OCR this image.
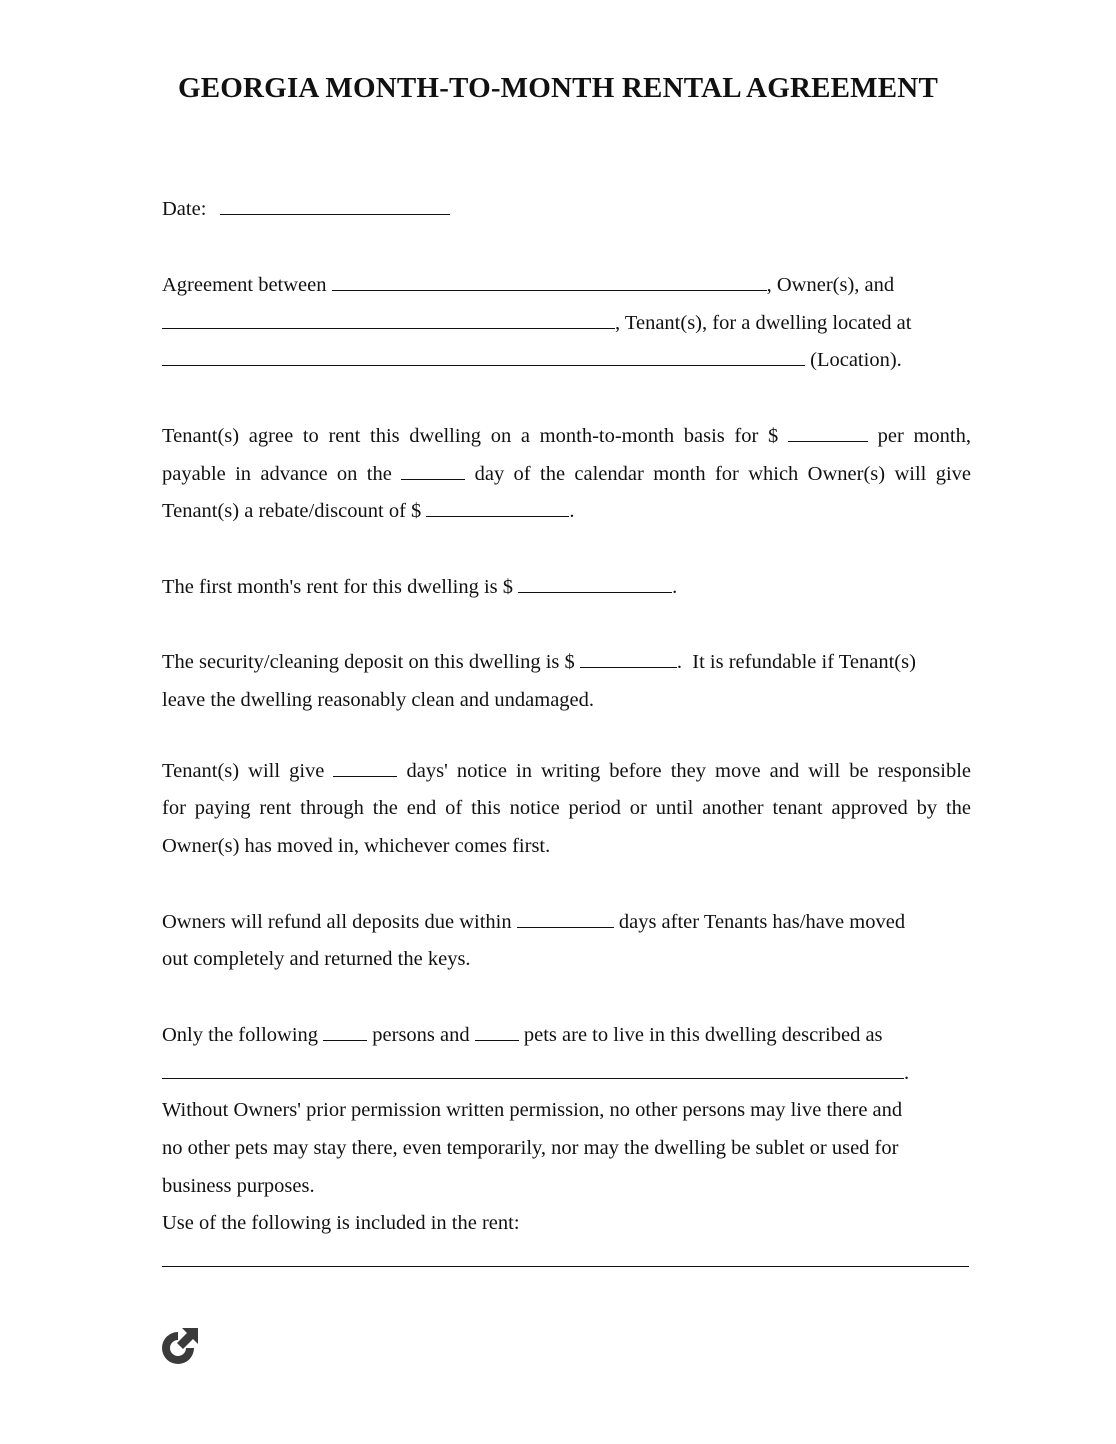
GEORGIA MONTH-TO-MONTH RENTAL AGREEMENT
Date:
Agreement between	, Owner(s), and
, Tenant(s), for a dwelling located at
(Location).
Tenant(s) agree to rent this dwelling on a month-to-month basis for $	per month,
payable in advance on the	day of the calendar month for which Owner(s) will give
Tenant(s) a rebate/discount of $	.
The first month's rent for this dwelling is $	.
The security/cleaning deposit on this dwelling is $	.  It is refundable if Tenant(s)
leave the dwelling reasonably clean and undamaged.
Tenant(s) will give	days' notice in writing before they move and will be responsible
for paying rent through the end of this notice period or until another tenant approved by the
Owner(s) has moved in, whichever comes first.
Owners will refund all deposits due within	days after Tenants has/have moved
out completely and returned the keys.
Only the following	persons and	pets are to live in this dwelling described as
.
Without Owners' prior permission written permission, no other persons may live there and
no other pets may stay there, even temporarily, nor may the dwelling be sublet or used for
business purposes.
Use of the following is included in the rent:
